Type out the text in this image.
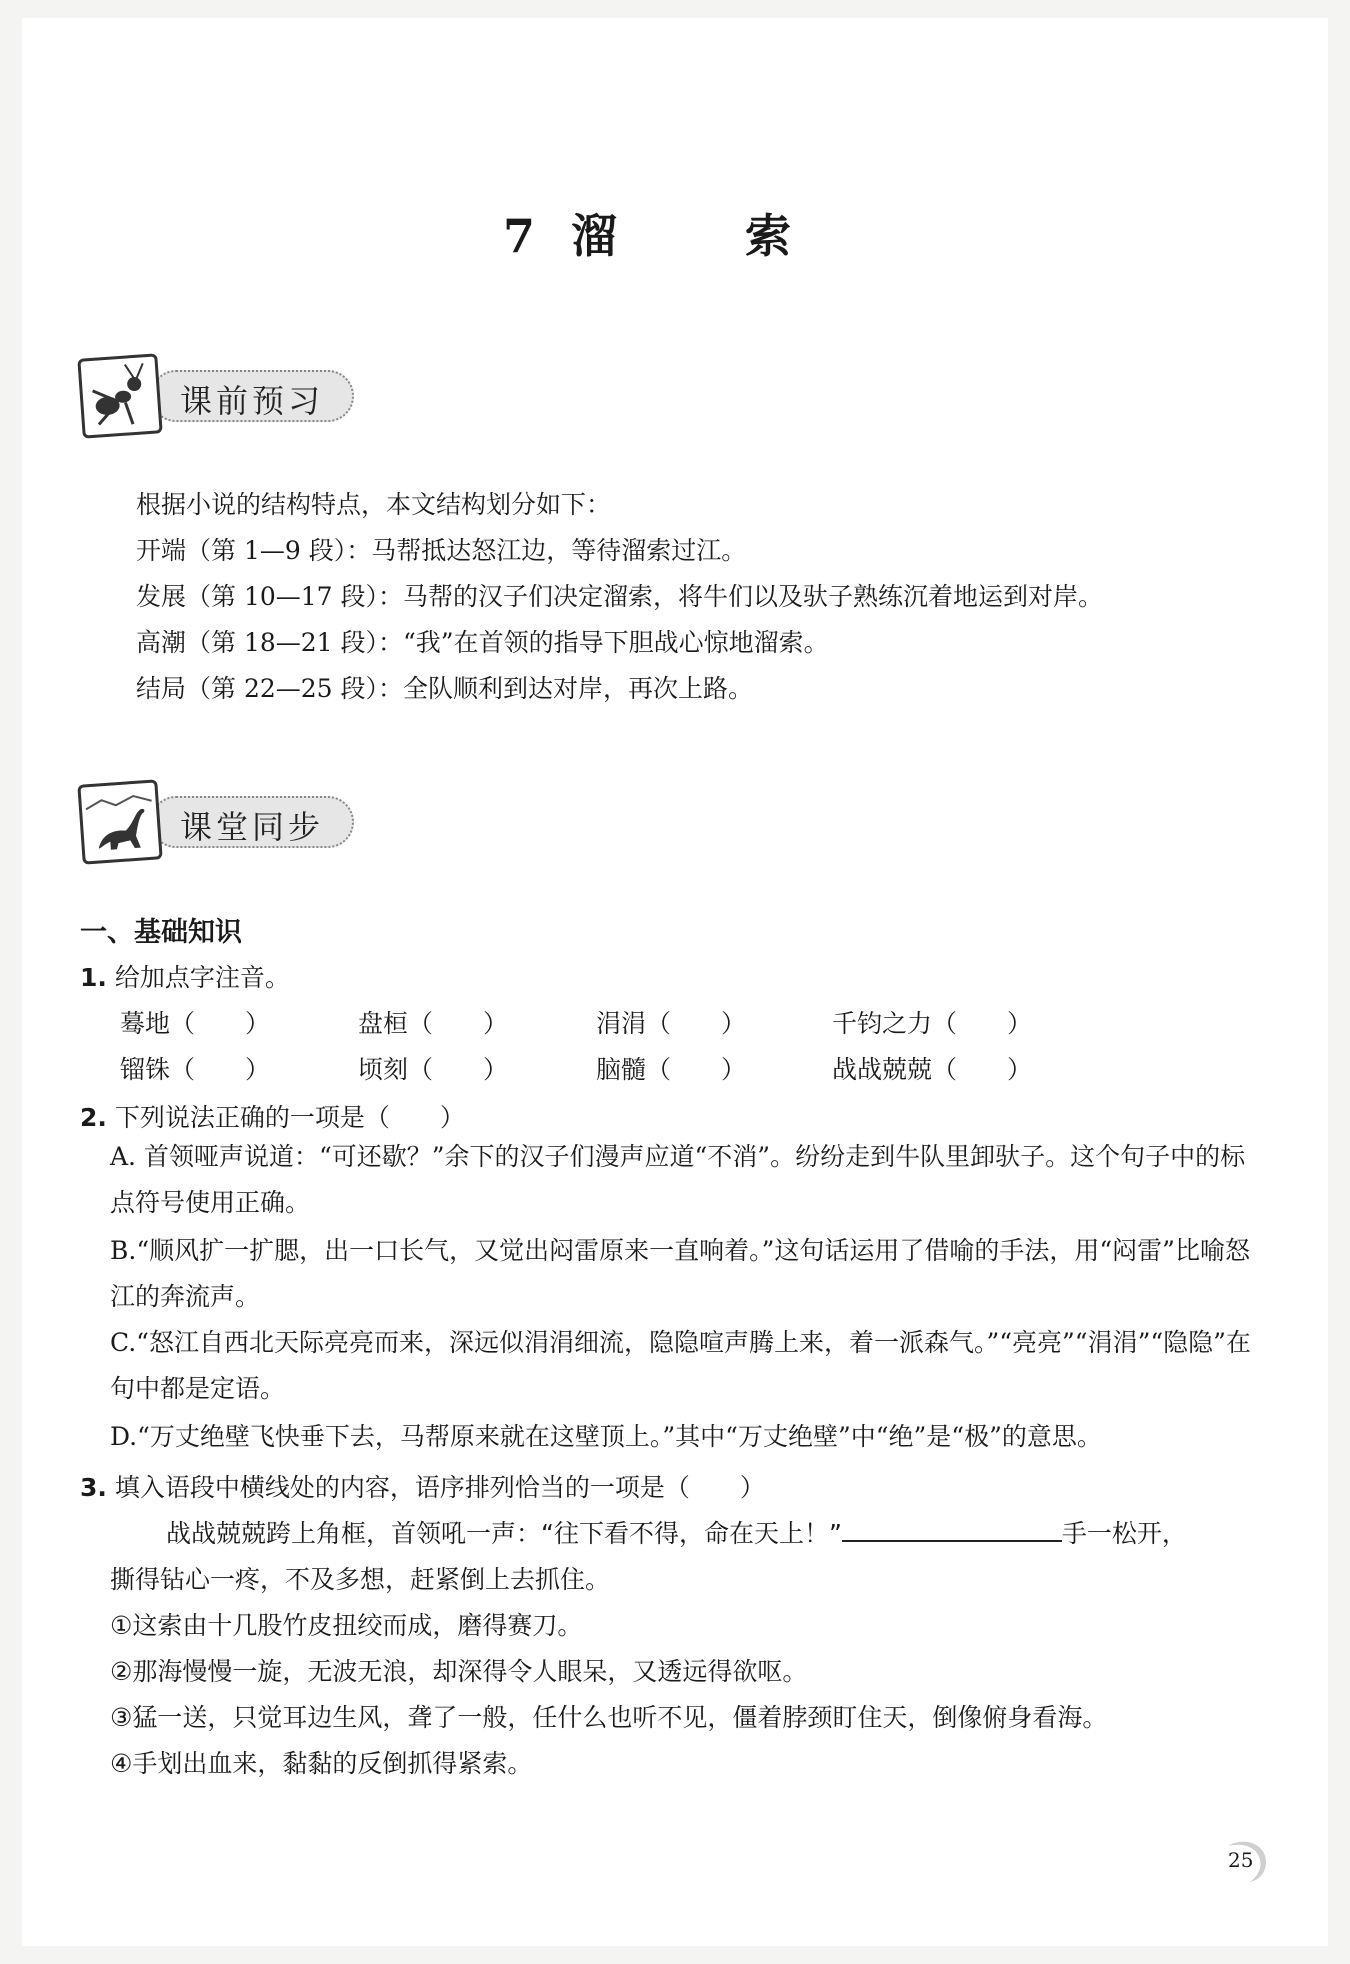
7 溜 索
课前预习
根据小说的结构特点，本文结构划分如下：
开端（第 1—9 段）：马帮抵达怒江边，等待溜索过江。
发展（第 10—17 段）：马帮的汉子们决定溜索，将牛们以及驮子熟练沉着地运到对岸。
高潮（第 18—21 段）：“我”在首领的指导下胆战心惊地溜索。
结局（第 22—25 段）：全队顺利到达对岸，再次上路。
课堂同步
一、基础知识
1. 给加点字注音。
蓦地（　　）	盘桓（　　）	涓涓（　　）	千钧之力（　　）
镏铢（　　）	顷刻（　　）	脑髓（　　）	战战兢兢（　　）
2. 下列说法正确的一项是（　　）
A. 首领哑声说道：“可还歇？”余下的汉子们漫声应道“不消”。纷纷走到牛队里卸驮子。这个句子中的标点符号使用正确。
B.“顺风扩一扩腮，出一口长气，又觉出闷雷原来一直响着。”这句话运用了借喻的手法，用“闷雷”比喻怒江的奔流声。
C.“怒江自西北天际亮亮而来，深远似涓涓细流，隐隐喧声腾上来，着一派森气。”“亮亮”“涓涓”“隐隐”在句中都是定语。
D.“万丈绝壁飞快垂下去，马帮原来就在这壁顶上。”其中“万丈绝壁”中“绝”是“极”的意思。
3. 填入语段中横线处的内容，语序排列恰当的一项是（　　）
战战兢兢跨上角框，首领吼一声：“往下看不得，命在天上！”	手一松开，
撕得钻心一疼，不及多想，赶紧倒上去抓住。
①这索由十几股竹皮扭绞而成，磨得赛刀。
②那海慢慢一旋，无波无浪，却深得令人眼呆，又透远得欲呕。
③猛一送，只觉耳边生风，聋了一般，任什么也听不见，僵着脖颈盯住天，倒像俯身看海。
④手划出血来，黏黏的反倒抓得紧索。
25
